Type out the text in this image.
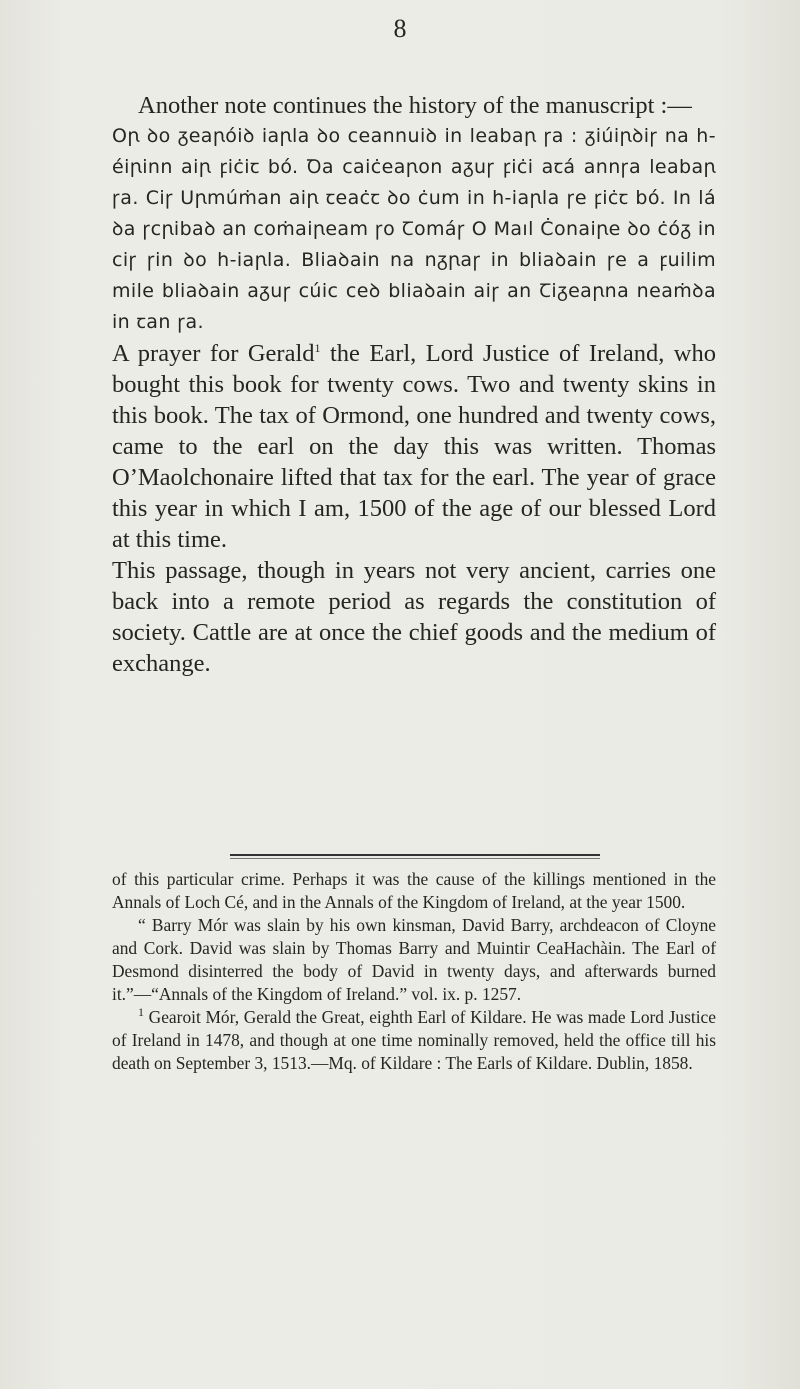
8

Another note continues the history of the manuscript :—

Oꞃ ꝺo ᵹeaꞃóiꝺ iaꞃla ꝺo ceannuiꝺ in leabaꞃ ꞅa : ᵹiúiꞃꝺiꞅ na h-éiꞃinn aiꞃ ꝼiċiꞇ bó. Ꝺa caiċeaꞃon aᵹuꞅ ꝼiċi aꞇá annꞅa leabaꞃ ꞅa. Ciꞅ Uꞃmúṁan aiꞃ ꞇeaċꞇ ꝺo ċum in h-iaꞃla ꞅe ꝼiċꞇ bó. In lá ꝺa ꞅcꞃibaꝺ an coṁaiꞃeam ꞅo Ꞇomáꞅ O Maıl Ċonaiꞃe ꝺo ċóᵹ in ciꞅ ꞅin ꝺo h-iaꞃla. Bliaꝺain na nᵹꞃaꞅ in bliaꝺain ꞅe a ꝼuilim mile bliaꝺain aᵹuꞅ cúic ceꝺ bliaꝺain aiꞅ an Ꞇiᵹeaꞃna neaṁꝺa in ꞇan ꞅa.

A prayer for Gerald$^1$ the Earl, Lord Justice of Ireland, who bought this book for twenty cows. Two and twenty skins in this book. The tax of Ormond, one hundred and twenty cows, came to the earl on the day this was written. Thomas O’Maolchonaire lifted that tax for the earl. The year of grace this year in which I am, 1500 of the age of our blessed Lord at this time.

This passage, though in years not very ancient, carries one back into a remote period as regards the constitution of society. Cattle are at once the chief goods and the medium of exchange.

of this particular crime. Perhaps it was the cause of the killings mentioned in the Annals of Loch Cé, and in the Annals of the Kingdom of Ireland, at the year 1500.

“ Barry Mór was slain by his own kinsman, David Barry, archdeacon of Cloyne and Cork. David was slain by Thomas Barry and Muintir CeaHachàin. The Earl of Desmond disinterred the body of David in twenty days, and afterwards burned it.”—“Annals of the Kingdom of Ireland.” vol. ix. p. 1257.

$^1$ Gearoit Mór, Gerald the Great, eighth Earl of Kildare. He was made Lord Justice of Ireland in 1478, and though at one time nominally removed, held the office till his death on September 3, 1513.—Mq. of Kildare : The Earls of Kildare. Dublin, 1858.
